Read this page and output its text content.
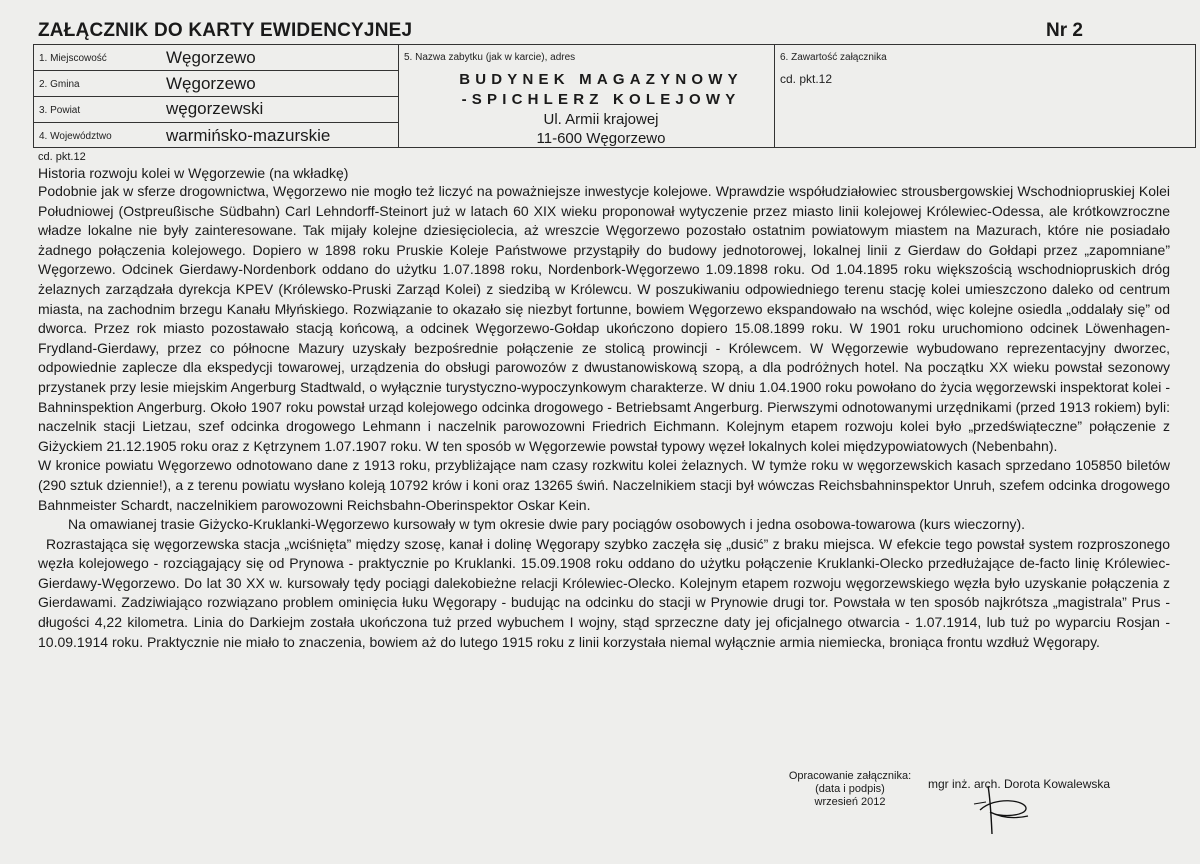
ZAŁĄCZNIK DO KARTY EWIDENCYJNEJ	Nr 2
1. Miejscowość	Węgorzewo
2. Gmina	Węgorzewo
3. Powiat	węgorzewski
4. Województwo	warmińsko-mazurskie
5. Nazwa zabytku (jak w karcie), adres
BUDYNEK MAGAZYNOWY
-SPICHLERZ KOLEJOWY
Ul. Armii krajowej
11-600 Węgorzewo
6. Zawartość załącznika
cd. pkt.12

cd. pkt.12

Historia rozwoju kolei w Węgorzewie (na wkładkę)

Podobnie jak w sferze drogownictwa, Węgorzewo nie mogło też liczyć na poważniejsze inwestycje kolejowe. Wprawdzie współudziałowiec strousbergowskiej Wschodniopruskiej Kolei Południowej (Ostpreußische Südbahn) Carl Lehndorff-Steinort już w latach 60 XIX wieku proponował wytyczenie przez miasto linii kolejowej Królewiec-Odessa, ale krótkowzroczne władze lokalne nie były zainteresowane. Tak mijały kolejne dziesięciolecia, aż wreszcie Węgorzewo pozostało ostatnim powiatowym miastem na Mazurach, które nie posiadało żadnego połączenia kolejowego. Dopiero w 1898 roku Pruskie Koleje Państwowe przystąpiły do budowy jednotorowej, lokalnej linii z Gierdaw do Gołdapi przez „zapomniane” Węgorzewo. Odcinek Gierdawy-Nordenbork oddano do użytku 1.07.1898 roku, Nordenbork-Węgorzewo 1.09.1898 roku. Od 1.04.1895 roku większością wschodniopruskich dróg żelaznych zarządzała dyrekcja KPEV (Królewsko-Pruski Zarząd Kolei) z siedzibą w Królewcu. W poszukiwaniu odpowiedniego terenu stację kolei umieszczono daleko od centrum miasta, na zachodnim brzegu Kanału Młyńskiego. Rozwiązanie to okazało się niezbyt fortunne, bowiem Węgorzewo ekspandowało na wschód, więc kolejne osiedla „oddalały się” od dworca. Przez rok miasto pozostawało stacją końcową, a odcinek Węgorzewo-Gołdap ukończono dopiero 15.08.1899 roku. W 1901 roku uruchomiono odcinek Löwenhagen-Frydland-Gierdawy, przez co północne Mazury uzyskały bezpośrednie połączenie ze stolicą prowincji - Królewcem. W Węgorzewie wybudowano reprezentacyjny dworzec, odpowiednie zaplecze dla ekspedycji towarowej, urządzenia do obsługi parowozów z dwustanowiskową szopą, a dla podróżnych hotel. Na początku XX wieku powstał sezonowy przystanek przy lesie miejskim Angerburg Stadtwald, o wyłącznie turystyczno-wypoczynkowym charakterze. W dniu 1.04.1900 roku powołano do życia węgorzewski inspektorat kolei - Bahninspektion Angerburg. Około 1907 roku powstał urząd kolejowego odcinka drogowego - Betriebsamt Angerburg. Pierwszymi odnotowanymi urzędnikami (przed 1913 rokiem) byli: naczelnik stacji Lietzau, szef odcinka drogowego Lehmann i naczelnik parowozowni Friedrich Eichmann. Kolejnym etapem rozwoju kolei było „przedświąteczne” połączenie z Giżyckiem 21.12.1905 roku oraz z Kętrzynem 1.07.1907 roku. W ten sposób w Węgorzewie powstał typowy węzeł lokalnych kolei międzypowiatowych (Nebenbahn).

W kronice powiatu Węgorzewo odnotowano dane z 1913 roku, przybliżające nam czasy rozkwitu kolei żelaznych. W tymże roku w węgorzewskich kasach sprzedano 105850 biletów (290 sztuk dziennie!), a z terenu powiatu wysłano koleją 10792 krów i koni oraz 13265 świń. Naczelnikiem stacji był wówczas Reichsbahninspektor Unruh, szefem odcinka drogowego Bahnmeister Schardt, naczelnikiem parowozowni Reichsbahn-Oberinspektor Oskar Kein.

Na omawianej trasie Giżycko-Kruklanki-Węgorzewo kursowały w tym okresie dwie pary pociągów osobowych i jedna osobowa-towarowa (kurs wieczorny).

Rozrastająca się węgorzewska stacja „wciśnięta” między szosę, kanał i dolinę Węgorapy szybko zaczęła się „dusić” z braku miejsca. W efekcie tego powstał system rozproszonego węzła kolejowego - rozciągający się od Prynowa - praktycznie po Kruklanki. 15.09.1908 roku oddano do użytku połączenie Kruklanki-Olecko przedłużające de-facto linię Królewiec-Gierdawy-Węgorzewo. Do lat 30 XX w. kursowały tędy pociągi dalekobieżne relacji Królewiec-Olecko. Kolejnym etapem rozwoju węgorzewskiego węzła było uzyskanie połączenia z Gierdawami. Zadziwiająco rozwiązano problem ominięcia łuku Węgorapy - budując na odcinku do stacji w Prynowie drugi tor. Powstała w ten sposób najkrótsza „magistrala” Prus - długości 4,22 kilometra. Linia do Darkiejm została ukończona tuż przed wybuchem I wojny, stąd sprzeczne daty jej oficjalnego otwarcia - 1.07.1914, lub tuż po wyparciu Rosjan - 10.09.1914 roku. Praktycznie nie miało to znaczenia, bowiem aż do lutego 1915 roku z linii korzystała niemal wyłącznie armia niemiecka, broniąca frontu wzdłuż Węgorapy.

Opracowanie załącznika:
(data i podpis)
wrzesień 2012
mgr inż. arch. Dorota Kowalewska
